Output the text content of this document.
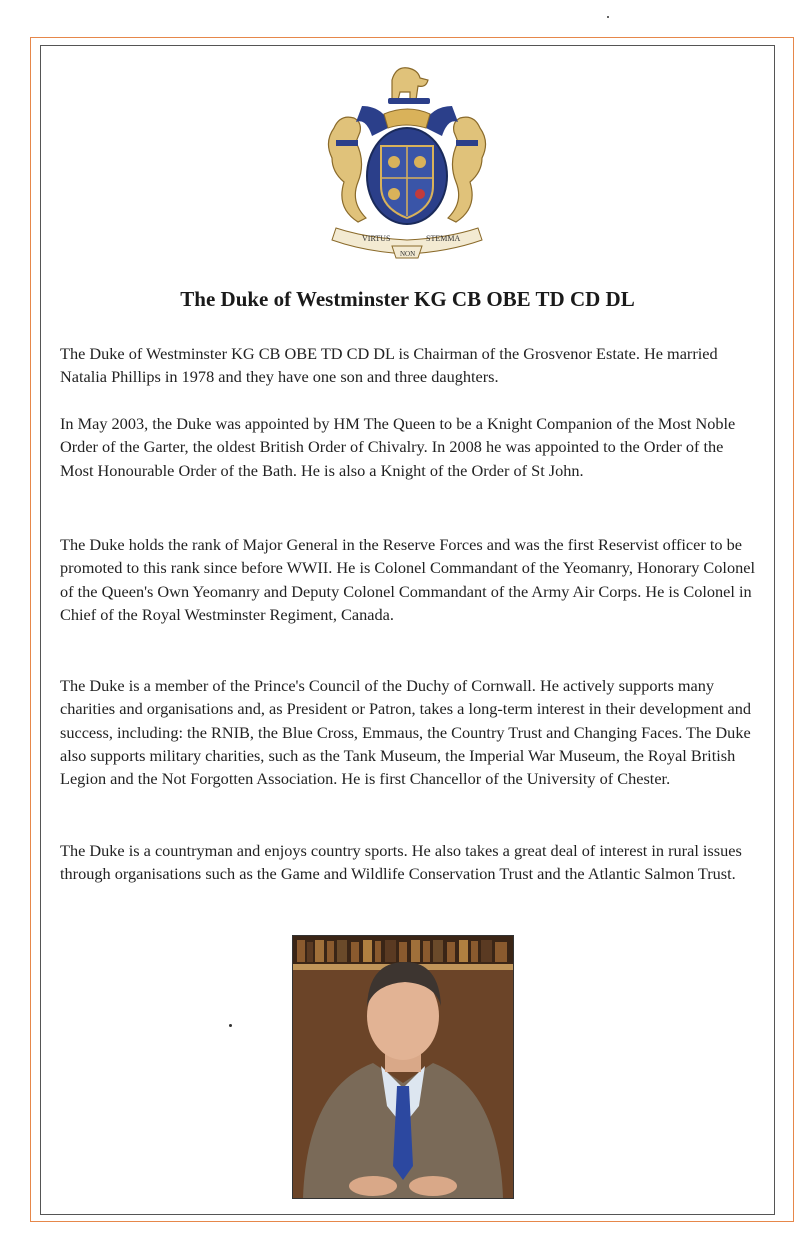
VIRTUS
NON
STEMMA
The Duke of Westminster KG CB OBE TD CD DL

The Duke of Westminster KG CB OBE TD CD DL is Chairman of the Grosvenor Estate. He married Natalia Phillips in 1978 and they have one son and three daughters.

In May 2003, the Duke was appointed by HM The Queen to be a Knight Companion of the Most Noble Order of the Garter, the oldest British Order of Chivalry. In 2008 he was appointed to the Order of the Most Honourable Order of the Bath. He is also a Knight of the Order of St John.

The Duke holds the rank of Major General in the Reserve Forces and was the first Reservist officer to be promoted to this rank since before WWII. He is Colonel Commandant of the Yeomanry, Honorary Colonel of the Queen's Own Yeomanry and Deputy Colonel Commandant of the Army Air Corps. He is Colonel in Chief of the Royal Westminster Regiment, Canada.

The Duke is a member of the Prince's Council of the Duchy of Cornwall. He actively supports many charities and organisations and, as President or Patron, takes a long-term interest in their development and success, including: the RNIB, the Blue Cross, Emmaus, the Country Trust and Changing Faces. The Duke also supports military charities, such as the Tank Museum, the Imperial War Museum, the Royal British Legion and the Not Forgotten Association. He is first Chancellor of the University of Chester.

The Duke is a countryman and enjoys country sports. He also takes a great deal of interest in rural issues through organisations such as the Game and Wildlife Conservation Trust and the Atlantic Salmon Trust.
